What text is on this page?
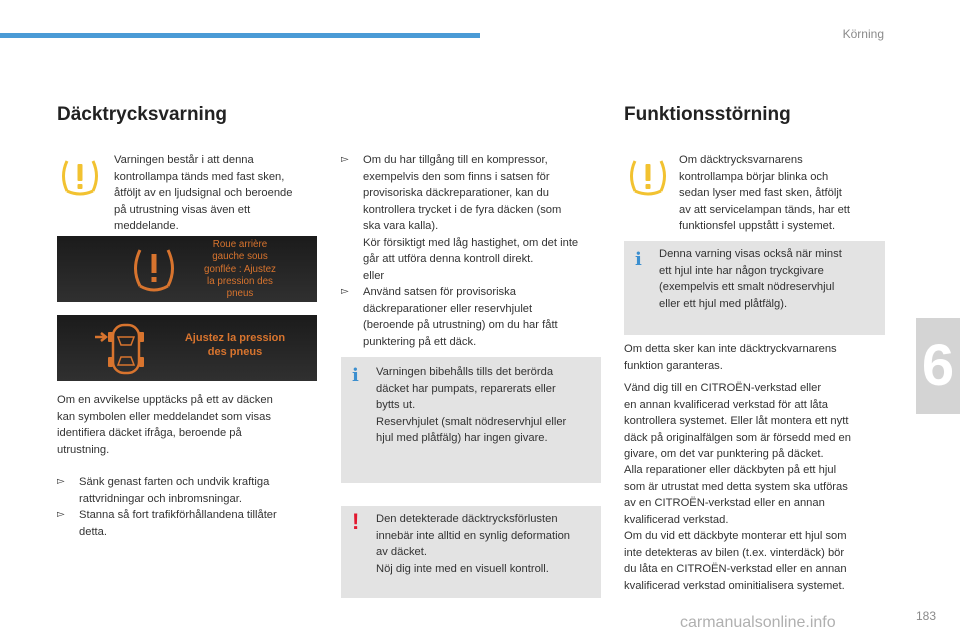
Körning
6
Däcktrycksvarning
Varningen består i att denna
kontrollampa tänds med fast sken,
åtföljt av en ljudsignal och beroende
på utrustning visas även ett
meddelande.
Roue arrière
gauche sous
gonflée : Ajustez
la pression des
pneus
Ajustez la pression
des pneus
Om en avvikelse upptäcks på ett av däcken
kan symbolen eller meddelandet som visas
identifiera däcket ifråga, beroende på
utrustning.
▻ Sänk genast farten och undvik kraftiga
rattvridningar och inbromsningar.
▻ Stanna så fort trafikförhållandena tillåter
detta.
▻ Om du har tillgång till en kompressor,
exempelvis den som finns i satsen för
provisoriska däckreparationer, kan du
kontrollera trycket i de fyra däcken (som
ska vara kalla).
Kör försiktigt med låg hastighet, om det inte
går att utföra denna kontroll direkt.
eller
▻ Använd satsen för provisoriska
däckreparationer eller reservhjulet
(beroende på utrustning) om du har fått
punktering på ett däck.
i Varningen bibehålls tills det berörda
däcket har pumpats, reparerats eller
bytts ut.
Reservhjulet (smalt nödreservhjul eller
hjul med plåtfälg) har ingen givare.
! Den detekterade däcktrycksförlusten
innebär inte alltid en synlig deformation
av däcket.
Nöj dig inte med en visuell kontroll.
Funktionsstörning
Om däcktrycksvarnarens
kontrollampa börjar blinka och
sedan lyser med fast sken, åtföljt
av att servicelampan tänds, har ett
funktionsfel uppstått i systemet.
i Denna varning visas också när minst
ett hjul inte har någon tryckgivare
(exempelvis ett smalt nödreservhjul
eller ett hjul med plåtfälg).
Om detta sker kan inte däcktryckvarnarens
funktion garanteras.
Vänd dig till en CITROËN-verkstad eller
en annan kvalificerad verkstad för att låta
kontrollera systemet. Eller låt montera ett nytt
däck på originalfälgen som är försedd med en
givare, om det var punktering på däcket.
Alla reparationer eller däckbyten på ett hjul
som är utrustat med detta system ska utföras
av en CITROËN-verkstad eller en annan
kvalificerad verkstad.
Om du vid ett däckbyte monterar ett hjul som
inte detekteras av bilen (t.ex. vinterdäck) bör
du låta en CITROËN-verkstad eller en annan
kvalificerad verkstad ominitialisera systemet.
183
carmanualsonline.info
